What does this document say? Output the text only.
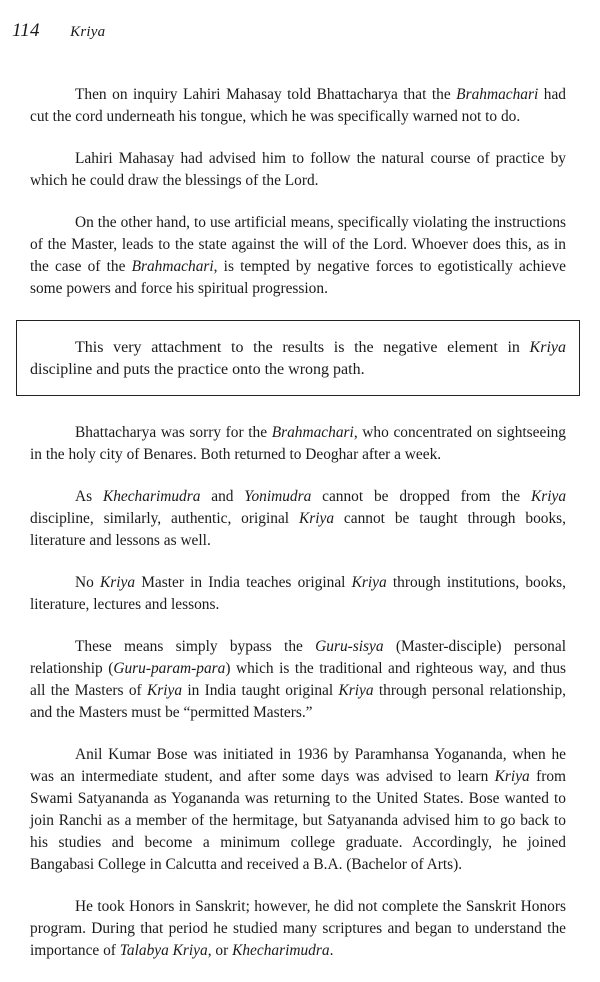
114 Kriya

Then on inquiry Lahiri Mahasay told Bhattacharya that the Brahmachari had cut the cord underneath his tongue, which he was specifically warned not to do.

Lahiri Mahasay had advised him to follow the natural course of practice by which he could draw the blessings of the Lord.

On the other hand, to use artificial means, specifically violating the instructions of the Master, leads to the state against the will of the Lord. Whoever does this, as in the case of the Brahmachari, is tempted by negative forces to egotistically achieve some powers and force his spiritual progression.

This very attachment to the results is the negative element in Kriya discipline and puts the practice onto the wrong path.

Bhattacharya was sorry for the Brahmachari, who concentrated on sightseeing in the holy city of Benares. Both returned to Deoghar after a week.

As Khecharimudra and Yonimudra cannot be dropped from the Kriya discipline, similarly, authentic, original Kriya cannot be taught through books, literature and lessons as well.

No Kriya Master in India teaches original Kriya through institutions, books, literature, lectures and lessons.

These means simply bypass the Guru-sisya (Master-disciple) personal relationship (Guru-param-para) which is the traditional and righteous way, and thus all the Masters of Kriya in India taught original Kriya through personal relationship, and the Masters must be “permitted Masters.”

Anil Kumar Bose was initiated in 1936 by Paramhansa Yogananda, when he was an intermediate student, and after some days was advised to learn Kriya from Swami Satyananda as Yogananda was returning to the United States. Bose wanted to join Ranchi as a member of the hermitage, but Satyananda advised him to go back to his studies and become a minimum college graduate. Accordingly, he joined Bangabasi College in Calcutta and received a B.A. (Bachelor of Arts).

He took Honors in Sanskrit; however, he did not complete the Sanskrit Honors program. During that period he studied many scriptures and began to understand the importance of Talabya Kriya, or Khecharimudra.
